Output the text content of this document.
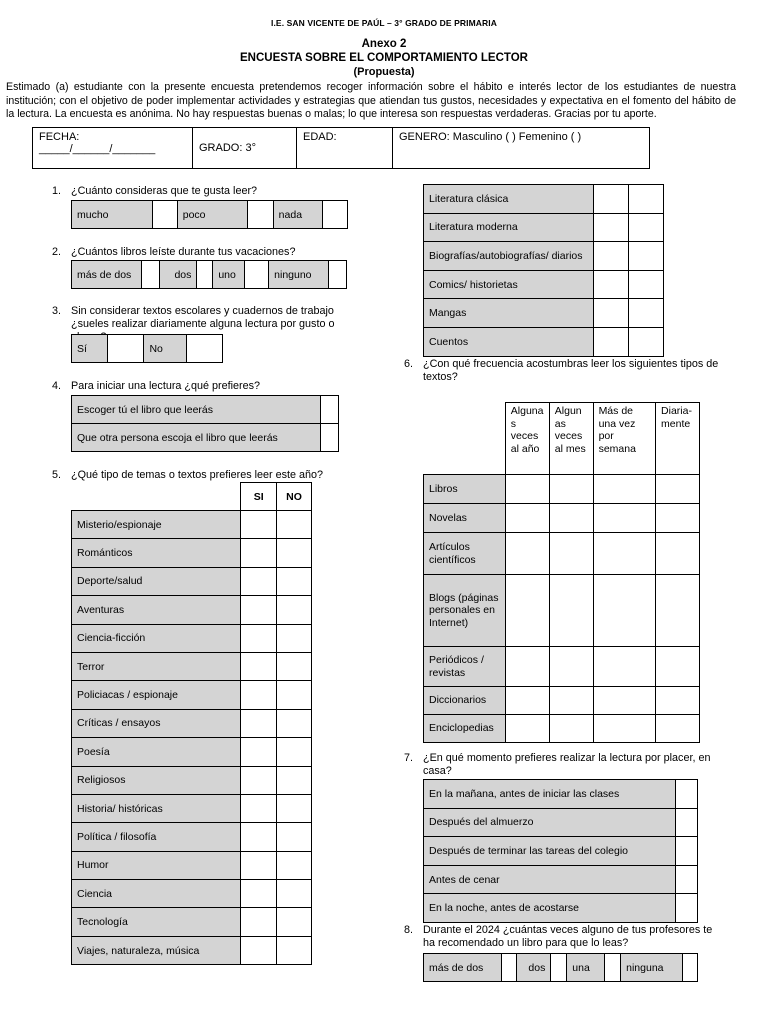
I.E. SAN VICENTE DE PAÚL – 3° GRADO DE PRIMARIA
Anexo 2
ENCUESTA SOBRE EL COMPORTAMIENTO LECTOR
(Propuesta)
Estimado (a) estudiante con la presente encuesta pretendemos recoger información sobre el hábito e interés lector de los estudiantes de nuestra institución; con el objetivo de poder implementar actividades y estrategias que atiendan tus gustos, necesidades y expectativa en el fomento del hábito de la lectura. La encuesta es anónima. No hay respuestas buenas o malas; lo que interesa son respuestas verdaderas. Gracias por tu aporte.
FECHA:
_____/______/_______	GRADO: 3°	EDAD:	GENERO: Masculino ( ) Femenino ( )
1. ¿Cuánto consideras que te gusta leer?
mucho		poco		nada	
2. ¿Cuántos libros leíste durante tus vacaciones?
más de dos		dos		uno		ninguno	
3. Sin considerar textos escolares y cuadernos de trabajo ¿sueles realizar diariamente alguna lectura por gusto o
Sí		No	
4. Para iniciar una lectura ¿qué prefieres?
Escoger tú el libro que leerás	
Que otra persona escoja el libro que leerás	
5. ¿Qué tipo de temas o textos prefieres leer este año?
	SI	NO
Misterio/espionaje		
Románticos		
Deporte/salud		
Aventuras		
Ciencia-ficción		
Terror		
Policiacas / espionaje		
Críticas / ensayos		
Poesía		
Religiosos		
Historia/ históricas		
Política / filosofía		
Humor		
Ciencia		
Tecnología		
Viajes, naturaleza, música		
Literatura clásica		
Literatura moderna		
Biografías/autobiografías/ diarios		
Comics/ historietas		
Mangas		
Cuentos		
6. ¿Con qué frecuencia acostumbras leer los siguientes tipos de textos?
	Alguna s veces al año	Algun as veces al mes	Más de una vez por semana	Diaria- mente
Libros				
Novelas				
Artículos científicos				
Blogs (páginas personales en Internet)				
Periódicos / revistas				
Diccionarios				
Enciclopedias				
7. ¿En qué momento prefieres realizar la lectura por placer, en casa?
En la mañana, antes de iniciar las clases	
Después del almuerzo	
Después de terminar las tareas del colegio	
Antes de cenar	
En la noche, antes de acostarse	
8. Durante el 2024 ¿cuántas veces alguno de tus profesores te ha recomendado un libro para que lo leas?
más de dos		dos		una		ninguna	
